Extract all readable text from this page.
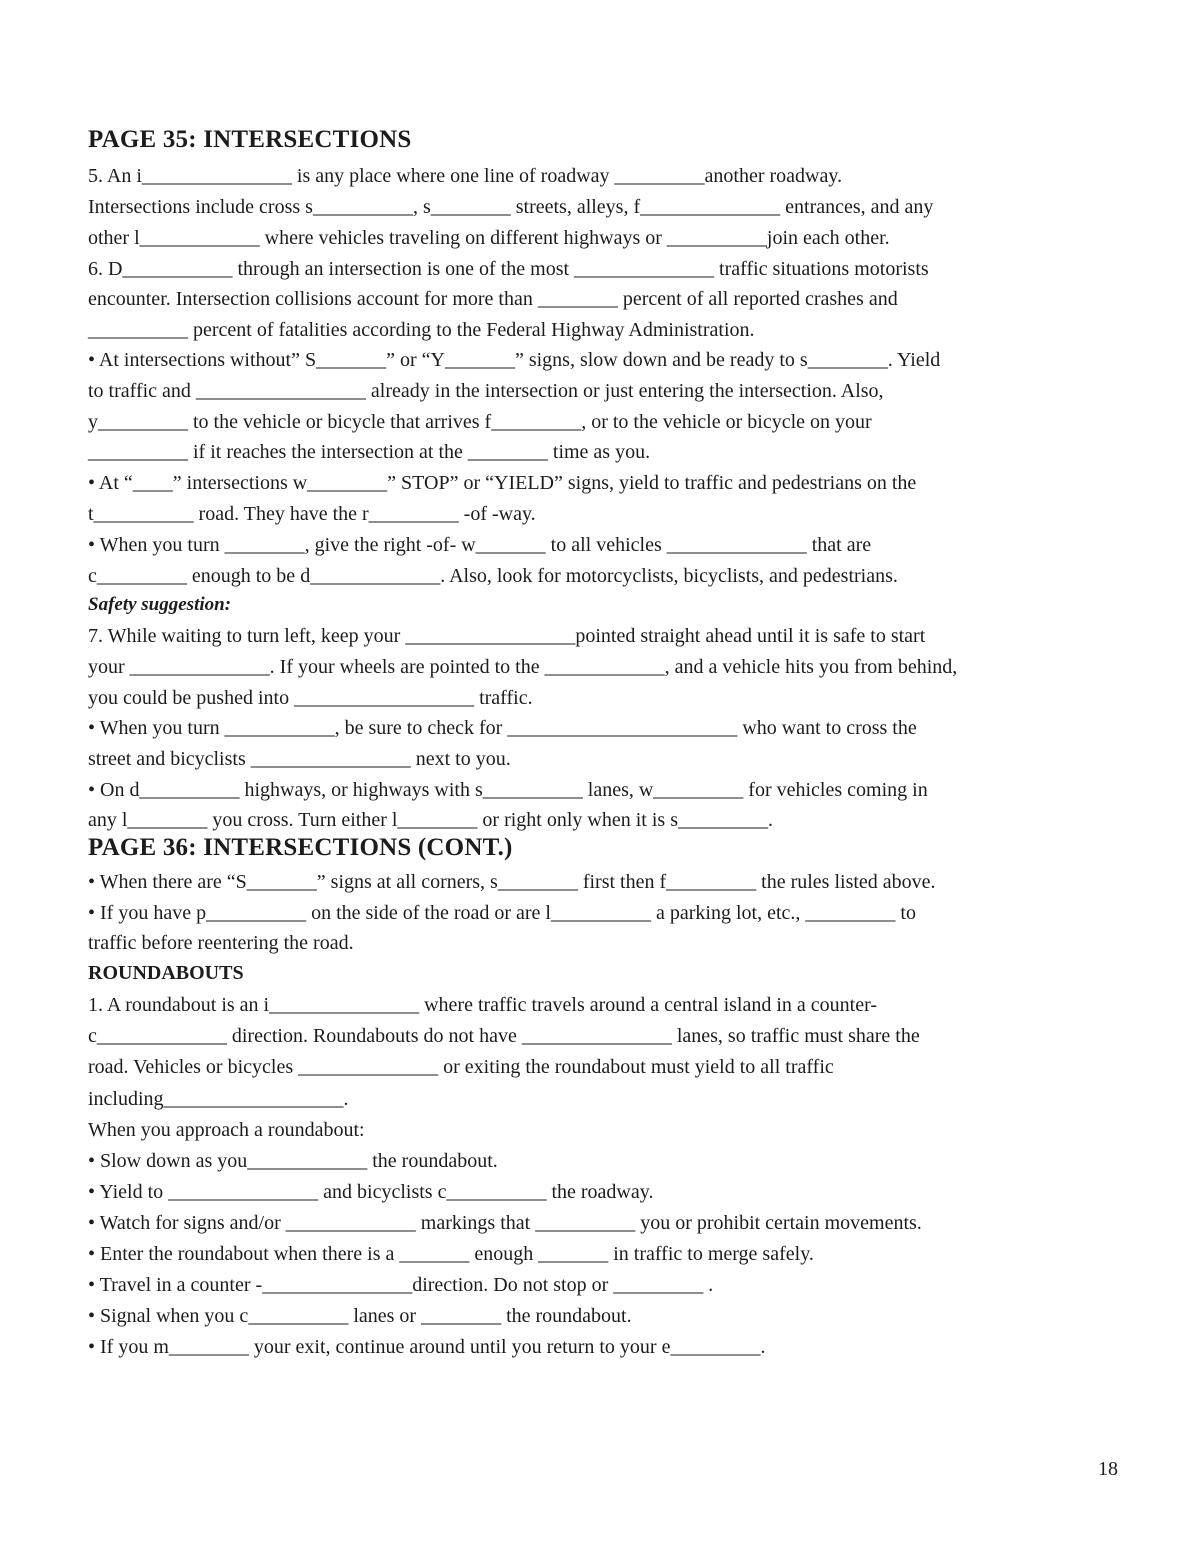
PAGE 35: INTERSECTIONS
5. An i_______________ is any place where one line of roadway _________another roadway.
Intersections include cross s__________, s________ streets, alleys, f______________ entrances, and any
other l____________ where vehicles traveling on different highways or __________join each other.
6. D___________ through an intersection is one of the most ______________ traffic situations motorists
encounter. Intersection collisions account for more than ________ percent of all reported crashes and
__________ percent of fatalities according to the Federal Highway Administration.
• At intersections without” S_______” or “Y_______” signs, slow down and be ready to s________. Yield
to traffic and _________________ already in the intersection or just entering the intersection. Also,
y_________ to the vehicle or bicycle that arrives f_________, or to the vehicle or bicycle on your
__________ if it reaches the intersection at the ________ time as you.
• At “____” intersections w________” STOP” or “YIELD” signs, yield to traffic and pedestrians on the
t__________ road. They have the r_________ -of -way.
• When you turn ________, give the right -of- w_______ to all vehicles ______________ that are
c_________ enough to be d_____________. Also, look for motorcyclists, bicyclists, and pedestrians.
Safety suggestion:
7. While waiting to turn left, keep your _________________pointed straight ahead until it is safe to start
your ______________. If your wheels are pointed to the ____________, and a vehicle hits you from behind,
you could be pushed into __________________ traffic.
• When you turn ___________, be sure to check for _______________________ who want to cross the
street and bicyclists ________________ next to you.
• On d__________ highways, or highways with s__________ lanes, w_________ for vehicles coming in
any l________ you cross. Turn either l________ or right only when it is s_________.
PAGE 36: INTERSECTIONS (CONT.)
• When there are “S_______” signs at all corners, s________ first then f_________ the rules listed above.
• If you have p__________ on the side of the road or are l__________ a parking lot, etc., _________ to
traffic before reentering the road.
ROUNDABOUTS
1. A roundabout is an i_______________ where traffic travels around a central island in a counter-
c_____________ direction. Roundabouts do not have _______________ lanes, so traffic must share the
road. Vehicles or bicycles ______________ or exiting the roundabout must yield to all traffic
including__________________.
When you approach a roundabout:
• Slow down as you____________ the roundabout.
• Yield to _______________ and bicyclists c__________ the roadway.
• Watch for signs and/or _____________ markings that __________ you or prohibit certain movements.
• Enter the roundabout when there is a _______ enough _______ in traffic to merge safely.
• Travel in a counter -_______________direction. Do not stop or _________ .
• Signal when you c__________ lanes or ________ the roundabout.
• If you m________ your exit, continue around until you return to your e_________.
18
